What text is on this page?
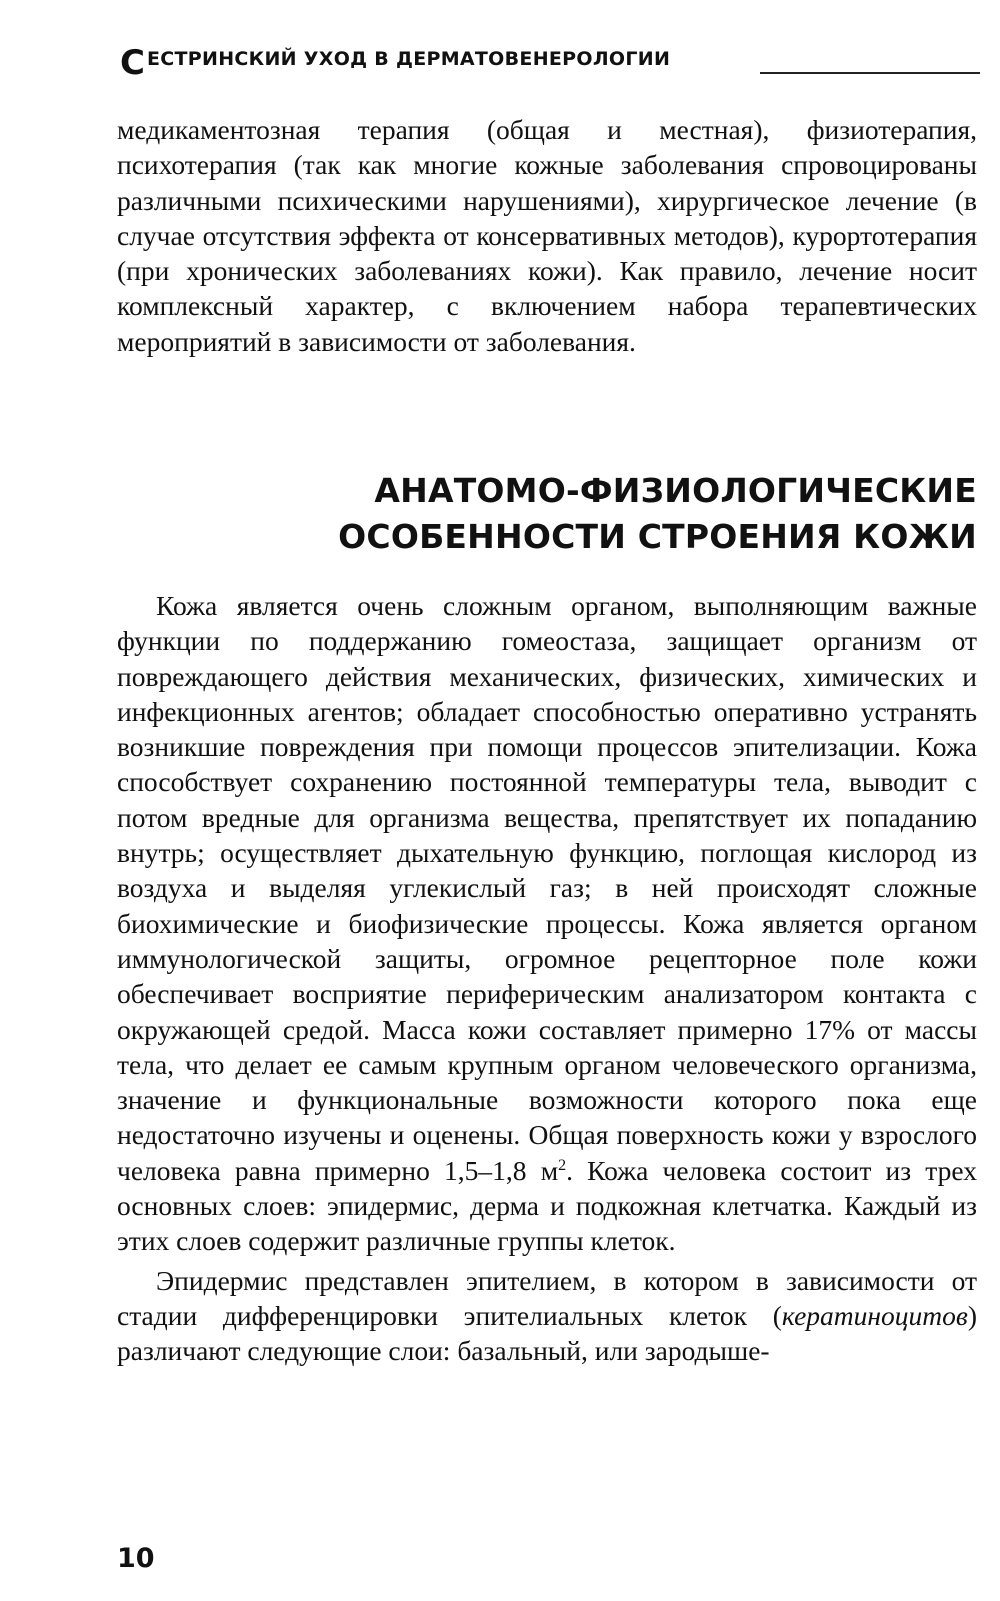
С ЕСТРИНСКИЙ УХОД В ДЕРМАТОВЕНЕРОЛОГИИ

медикаментозная терапия (общая и местная), физиотерапия, психотерапия (так как многие кожные заболевания спровоцированы различными психическими нарушениями), хирургическое лечение (в случае отсутствия эффекта от консервативных методов), курортотерапия (при хронических заболеваниях кожи). Как правило, лечение носит комплексный характер, с включением набора терапевтических мероприятий в зависимости от заболевания.

АНАТОМО-ФИЗИОЛОГИЧЕСКИЕ
ОСОБЕННОСТИ СТРОЕНИЯ КОЖИ

Кожа является очень сложным органом, выполняющим важные функции по поддержанию гомеостаза, защищает организм от повреждающего действия механических, физических, химических и инфекционных агентов; обладает способностью оперативно устранять возникшие повреждения при помощи процессов эпителизации. Кожа способствует сохранению постоянной температуры тела, выводит с потом вредные для организма вещества, препятствует их попаданию внутрь; осуществляет дыхательную функцию, поглощая кислород из воздуха и выделяя углекислый газ; в ней происходят сложные биохимические и биофизические процессы. Кожа является органом иммунологической защиты, огромное рецепторное поле кожи обеспечивает восприятие периферическим анализатором контакта с окружающей средой. Масса кожи составляет примерно 17% от массы тела, что делает ее самым крупным органом человеческого организма, значение и функциональные возможности которого пока еще недостаточно изучены и оценены. Общая поверхность кожи у взрослого человека равна примерно 1,5–1,8 $м^2$. Кожа человека состоит из трех основных слоев: эпидермис, дерма и подкожная клетчатка. Каждый из этих слоев содержит различные группы клеток.

Эпидермис представлен эпителием, в котором в зависимости от стадии дифференцировки эпителиальных клеток (кератиноцитов) различают следующие слои: базальный, или зародыше-

10
